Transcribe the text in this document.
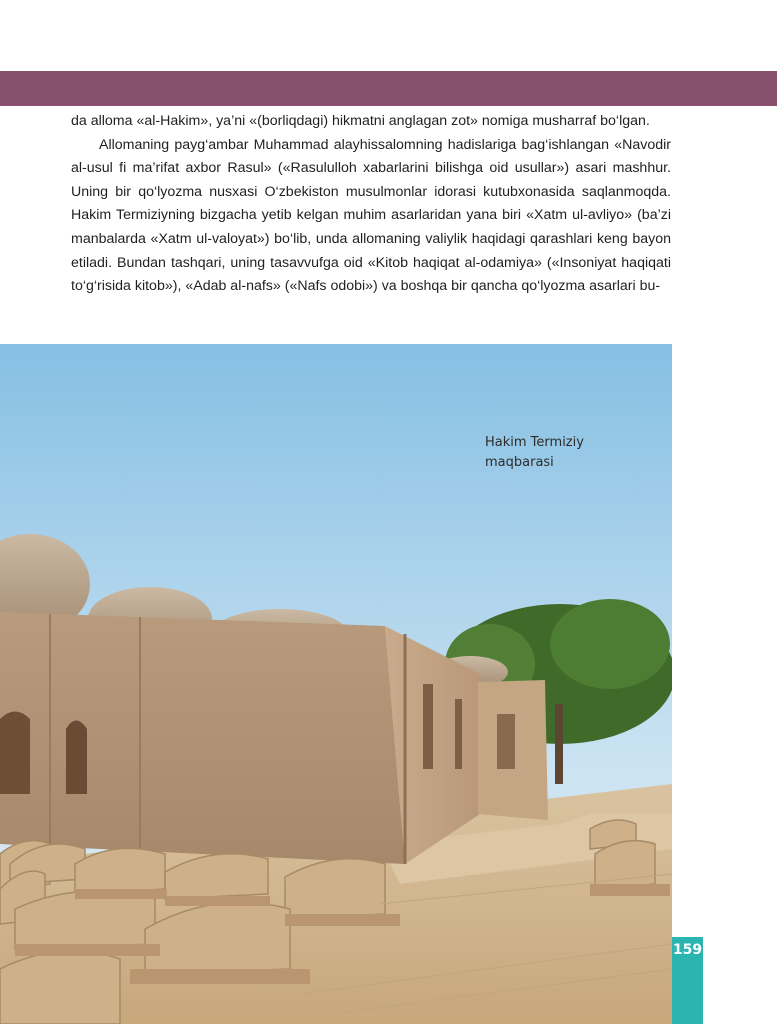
da alloma «al-Hakim», ya’ni «(borliqdagi) hikmatni anglagan zot» nomiga musharraf bo‘lgan.

Allomaning payg‘ambar Muhammad alayhissalomning hadislariga bag‘ishlangan «Navodir al-usul fi ma’rifat axbor Rasul» («Rasululloh xabarlarini bilishga oid usullar») asari mashhur. Uning bir qo‘lyozma nusxasi O‘zbekiston musulmonlar idorasi kutubxonasida saqlanmoqda. Hakim Termiziyning bizgacha yetib kelgan muhim asarlaridan yana biri «Xatm ul-avliyo» (ba’zi manbalarda «Xatm ul-valoyat») bo‘lib, unda allomaning valiylik haqidagi qarashlari keng bayon etiladi. Bundan tashqari, uning tasavvufga oid «Kitob haqiqat al-odamiya» («Insoniyat haqiqati to‘g‘risida kitob»), «Adab al-nafs» («Nafs odobi») va boshqa bir qancha qo‘lyozma asarlari bu-

Hakim Termiziy
maqbarasi
159
